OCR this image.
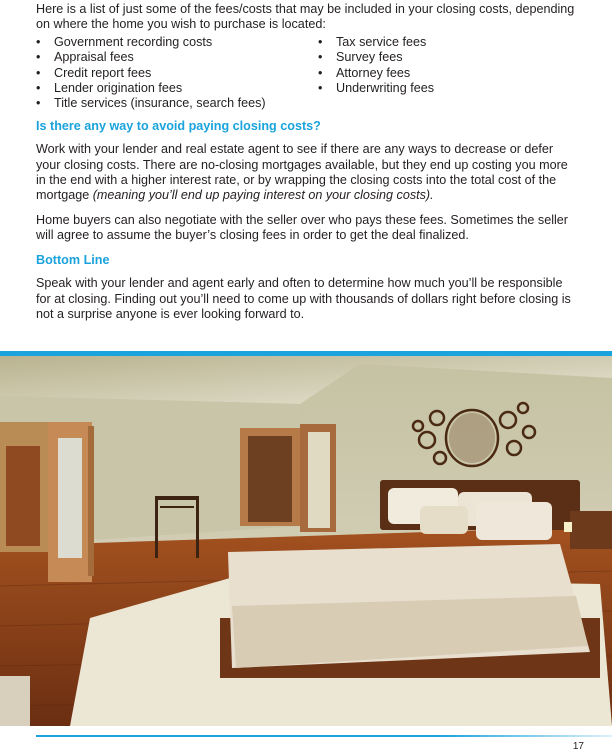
Here is a list of just some of the fees/costs that may be included in your closing costs, depending on where the home you wish to purchase is located:

• Government recording costs
• Appraisal fees
• Credit report fees
• Lender origination fees
• Title services (insurance, search fees)
• Tax service fees
• Survey fees
• Attorney fees
• Underwriting fees

Is there any way to avoid paying closing costs?

Work with your lender and real estate agent to see if there are any ways to decrease or defer your closing costs. There are no-closing mortgages available, but they end up costing you more in the end with a higher interest rate, or by wrapping the closing costs into the total cost of the mortgage (meaning you’ll end up paying interest on your closing costs).

Home buyers can also negotiate with the seller over who pays these fees. Sometimes the seller will agree to assume the buyer’s closing fees in order to get the deal finalized.

Bottom Line

Speak with your lender and agent early and often to determine how much you’ll be responsible for at closing. Finding out you’ll need to come up with thousands of dollars right before closing is not a surprise anyone is ever looking forward to.

17
